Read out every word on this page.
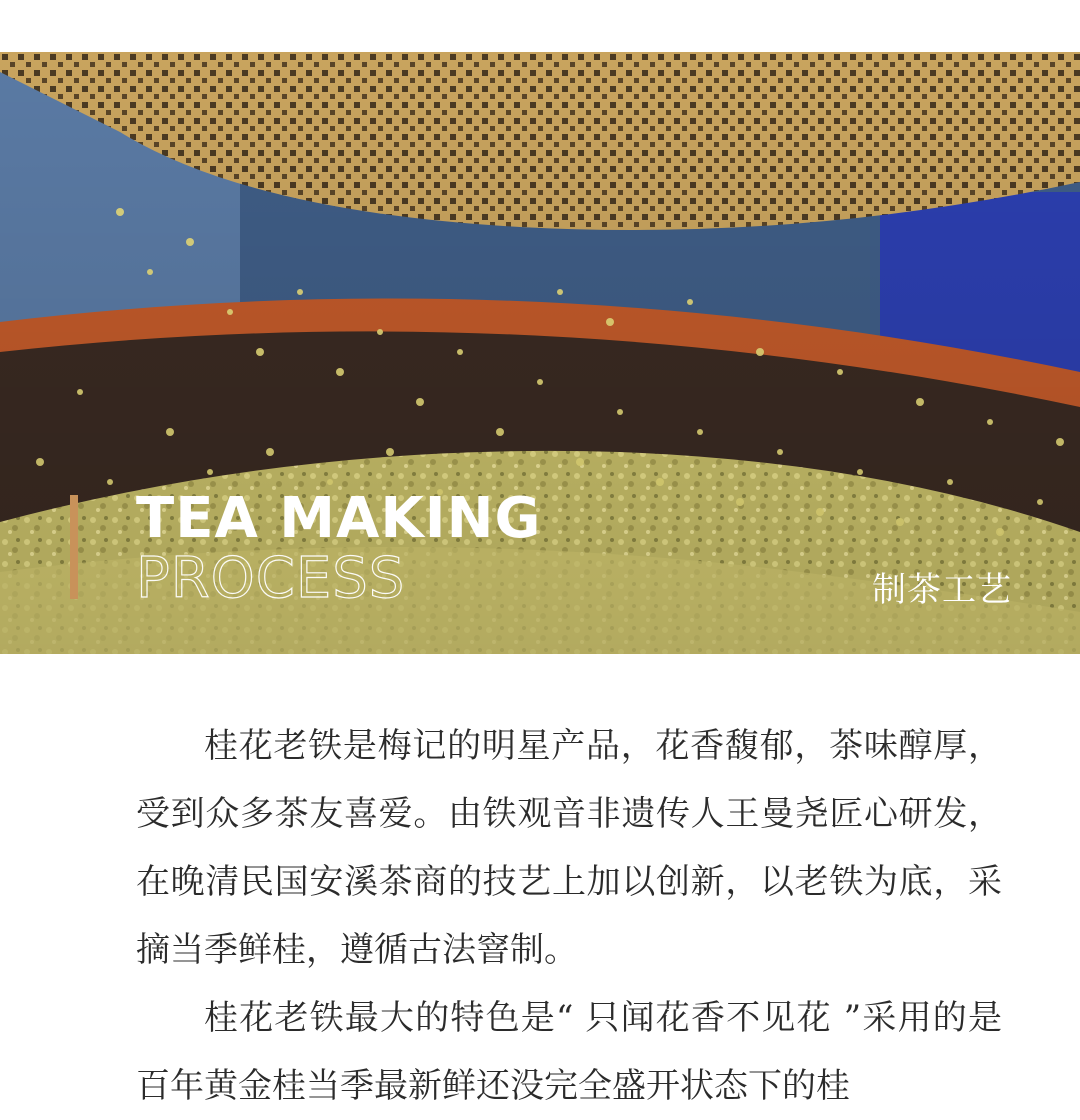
TEA MAKING
PROCESS	制茶工艺

桂花老铁是梅记的明星产品，花香馥郁，茶味醇厚，受到众多茶友喜爱。由铁观音非遗传人王曼尧匠心研发，在晚清民国安溪茶商的技艺上加以创新，以老铁为底，采摘当季鲜桂，遵循古法窨制。

桂花老铁最大的特色是“ 只闻花香不见花 ”采用的是百年黄金桂当季最新鲜还没完全盛开状态下的桂
